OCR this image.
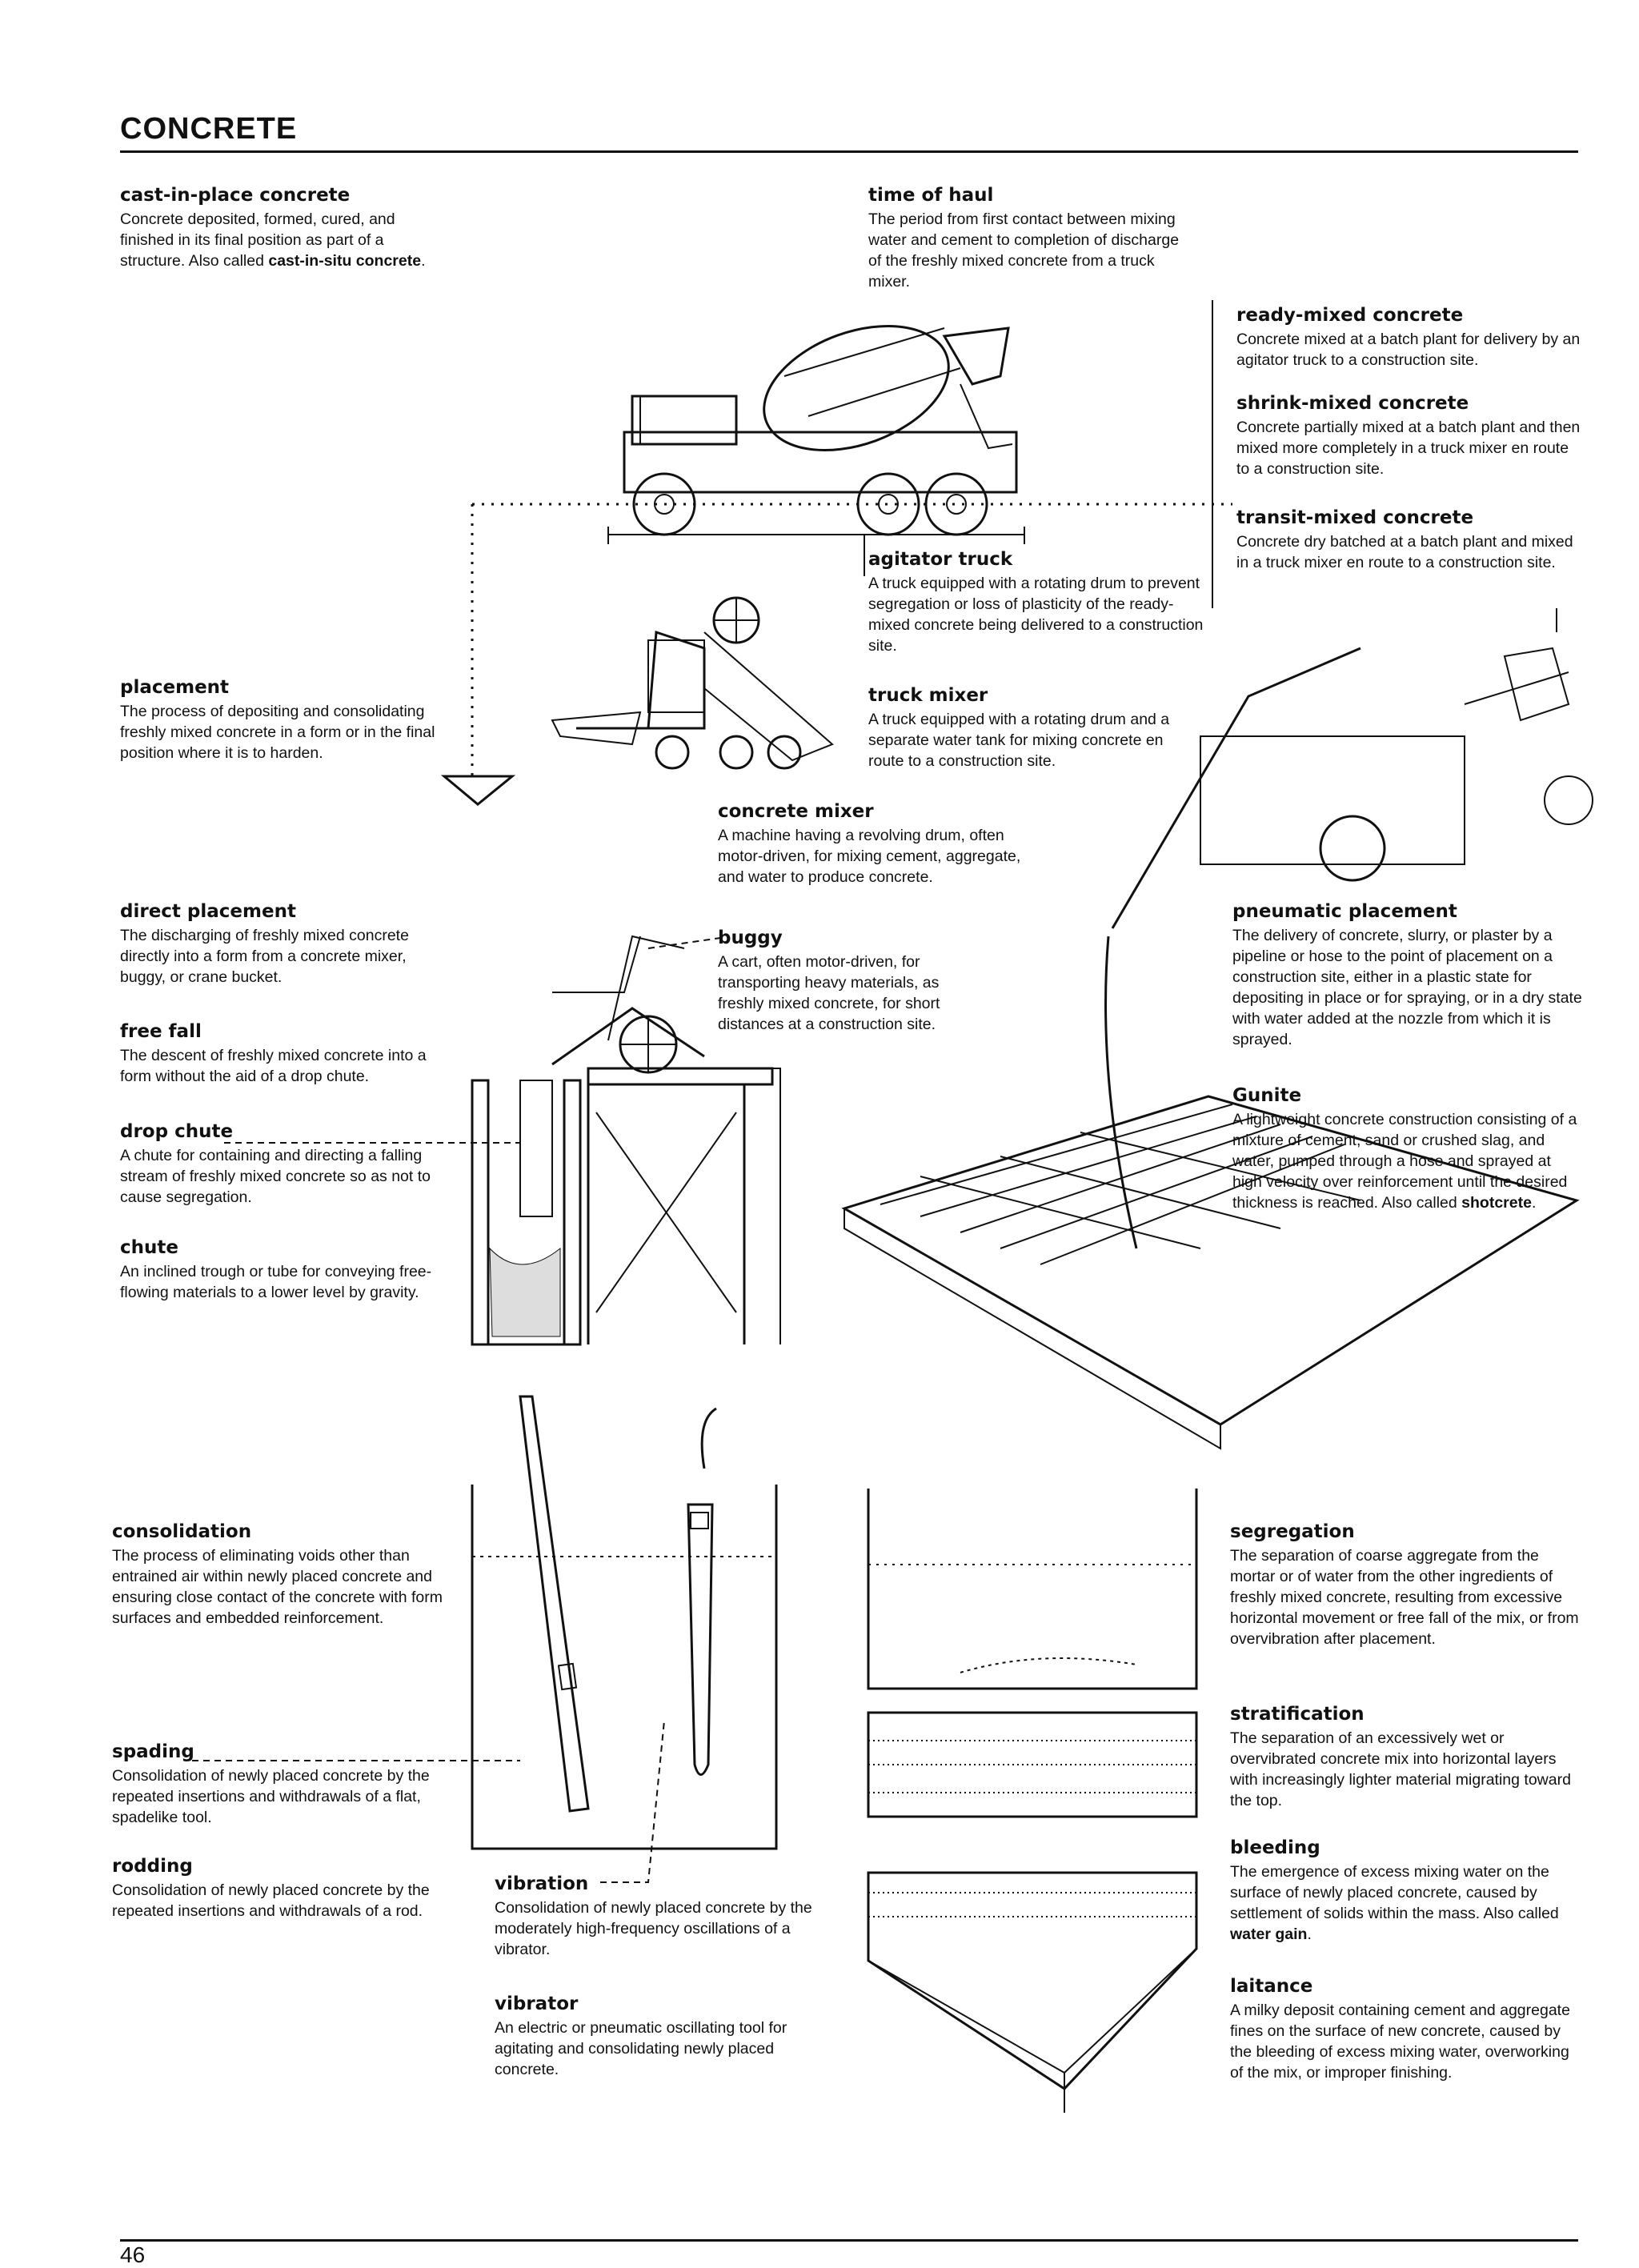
CONCRETE
cast-in-place concrete
Concrete deposited, formed, cured, and finished in its final position as part of a structure. Also called cast-in-situ concrete.
time of haul
The period from first contact between mixing water and cement to completion of discharge of the freshly mixed concrete from a truck mixer.
ready-mixed concrete
Concrete mixed at a batch plant for delivery by an agitator truck to a construction site.
shrink-mixed concrete
Concrete partially mixed at a batch plant and then mixed more completely in a truck mixer en route to a construction site.
transit-mixed concrete
Concrete dry batched at a batch plant and mixed in a truck mixer en route to a construction site.
agitator truck
A truck equipped with a rotating drum to prevent segregation or loss of plasticity of the ready-mixed concrete being delivered to a construction site.
truck mixer
A truck equipped with a rotating drum and a separate water tank for mixing concrete en route to a construction site.
placement
The process of depositing and consolidating freshly mixed concrete in a form or in the final position where it is to harden.
concrete mixer
A machine having a revolving drum, often motor-driven, for mixing cement, aggregate, and water to produce concrete.
direct placement
The discharging of freshly mixed concrete directly into a form from a concrete mixer, buggy, or crane bucket.
buggy
A cart, often motor-driven, for transporting heavy materials, as freshly mixed concrete, for short distances at a construction site.
free fall
The descent of freshly mixed concrete into a form without the aid of a drop chute.
drop chute
A chute for containing and directing a falling stream of freshly mixed concrete so as not to cause segregation.
chute
An inclined trough or tube for conveying free-flowing materials to a lower level by gravity.
pneumatic placement
The delivery of concrete, slurry, or plaster by a pipeline or hose to the point of placement on a construction site, either in a plastic state for depositing in place or for spraying, or in a dry state with water added at the nozzle from which it is sprayed.
Gunite
A lightweight concrete construction consisting of a mixture of cement, sand or crushed slag, and water, pumped through a hose and sprayed at high velocity over reinforcement until the desired thickness is reached. Also called shotcrete.
consolidation
The process of eliminating voids other than entrained air within newly placed concrete and ensuring close contact of the concrete with form surfaces and embedded reinforcement.
spading
Consolidation of newly placed concrete by the repeated insertions and withdrawals of a flat, spadelike tool.
rodding
Consolidation of newly placed concrete by the repeated insertions and withdrawals of a rod.
vibration
Consolidation of newly placed concrete by the moderately high-frequency oscillations of a vibrator.
vibrator
An electric or pneumatic oscillating tool for agitating and consolidating newly placed concrete.
segregation
The separation of coarse aggregate from the mortar or of water from the other ingredients of freshly mixed concrete, resulting from excessive horizontal movement or free fall of the mix, or from overvibration after placement.
stratification
The separation of an excessively wet or overvibrated concrete mix into horizontal layers with increasingly lighter material migrating toward the top.
bleeding
The emergence of excess mixing water on the surface of newly placed concrete, caused by settlement of solids within the mass. Also called water gain.
laitance
A milky deposit containing cement and aggregate fines on the surface of new concrete, caused by the bleeding of excess mixing water, overworking of the mix, or improper finishing.
46
